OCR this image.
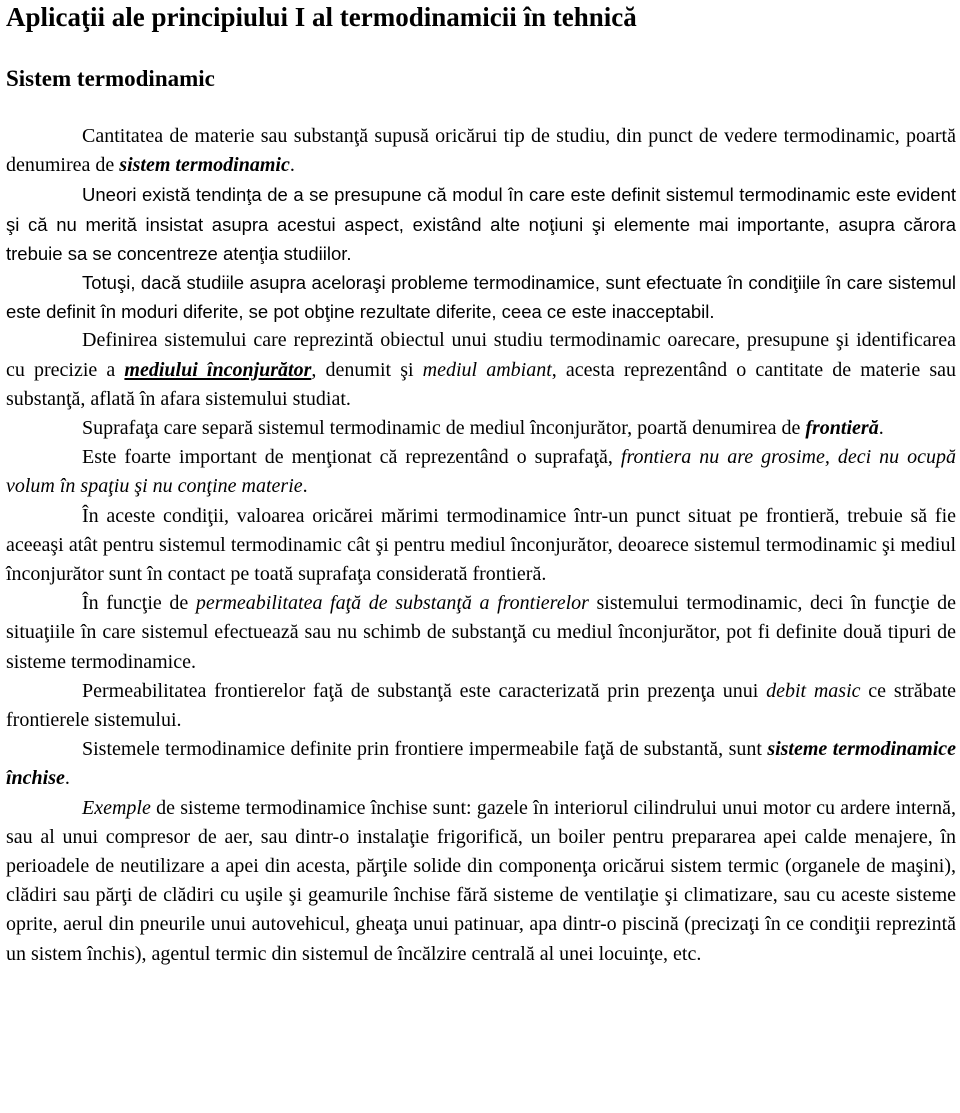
Aplicaţii ale principiului I al termodinamicii în tehnică
Sistem termodinamic

Cantitatea de materie sau substanţă supusă oricărui tip de studiu, din punct de vedere termodinamic, poartă denumirea de sistem termodinamic.

Uneori există tendinţa de a se presupune că modul în care este definit sistemul termodinamic este evident şi că nu merită insistat asupra acestui aspect, existând alte noţiuni şi elemente mai importante, asupra cărora trebuie sa se concentreze atenţia studiilor.

Totuşi, dacă studiile asupra aceloraşi probleme termodinamice, sunt efectuate în condiţiile în care sistemul este definit în moduri diferite, se pot obţine rezultate diferite, ceea ce este inacceptabil.

Definirea sistemului care reprezintă obiectul unui studiu termodinamic oarecare, presupune şi identificarea cu precizie a mediului înconjurător, denumit şi mediul ambiant, acesta reprezentând o cantitate de materie sau substanţă, aflată în afara sistemului studiat.

Suprafaţa care separă sistemul termodinamic de mediul înconjurător, poartă denumirea de frontieră.

Este foarte important de menţionat că reprezentând o suprafaţă, frontiera nu are grosime, deci nu ocupă volum în spaţiu şi nu conţine materie.

În aceste condiţii, valoarea oricărei mărimi termodinamice într-un punct situat pe frontieră, trebuie să fie aceeaşi atât pentru sistemul termodinamic cât şi pentru mediul înconjurător, deoarece sistemul termodinamic şi mediul înconjurător sunt în contact pe toată suprafaţa considerată frontieră.

În funcţie de permeabilitatea faţă de substanţă a frontierelor sistemului termodinamic, deci în funcţie de situaţiile în care sistemul efectuează sau nu schimb de substanţă cu mediul înconjurător, pot fi definite două tipuri de sisteme termodinamice.

Permeabilitatea frontierelor faţă de substanţă este caracterizată prin prezenţa unui debit masic ce străbate frontierele sistemului.

Sistemele termodinamice definite prin frontiere impermeabile faţă de substantă, sunt sisteme termodinamice închise.

Exemple de sisteme termodinamice închise sunt: gazele în interiorul cilindrului unui motor cu ardere internă, sau al unui compresor de aer, sau dintr-o instalaţie frigorifică, un boiler pentru prepararea apei calde menajere, în perioadele de neutilizare a apei din acesta, părţile solide din componenţa oricărui sistem termic (organele de maşini), clădiri sau părţi de clădiri cu uşile şi geamurile închise fără sisteme de ventilaţie şi climatizare, sau cu aceste sisteme oprite, aerul din pneurile unui autovehicul, gheaţa unui patinuar, apa dintr-o piscină (precizaţi în ce condiţii reprezintă un sistem închis), agentul termic din sistemul de încălzire centrală al unei locuinţe, etc.
